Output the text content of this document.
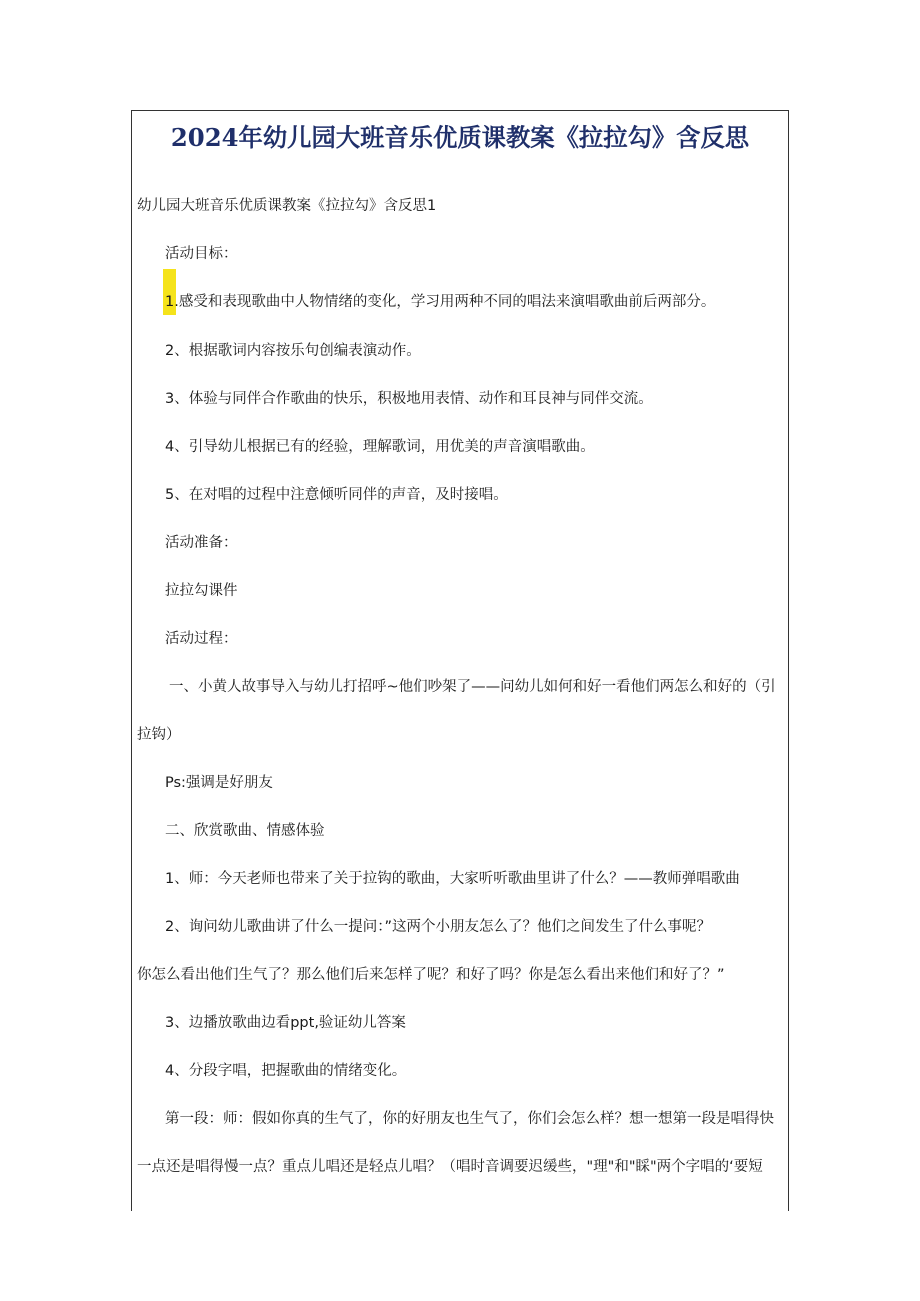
2024年幼儿园大班音乐优质课教案《拉拉勾》含反思
幼儿园大班音乐优质课教案《拉拉勾》含反思1
活动目标：
1.感受和表现歌曲中人物情绪的变化，学习用两种不同的唱法来演唱歌曲前后两部分。
2、根据歌词内容按乐句创编表演动作。
3、体验与同伴合作歌曲的快乐，积极地用表情、动作和耳艮神与同伴交流。
4、引导幼儿根据已有的经验，理解歌词，用优美的声音演唱歌曲。
5、在对唱的过程中注意倾听同伴的声音，及时接唱。
活动准备：
拉拉勾课件
活动过程：
一、小黄人故事导入与幼儿打招呼~他们吵架了——问幼儿如何和好一看他们两怎么和好的（引
拉钩）
Ps:强调是好朋友
二、欣赏歌曲、情感体验
1、师：今天老师也带来了关于拉钩的歌曲，大家听听歌曲里讲了什么？——教师弹唱歌曲
2、询问幼儿歌曲讲了什么一提问：”这两个小朋友怎么了？他们之间发生了什么事呢？
你怎么看出他们生气了？那么他们后来怎样了呢？和好了吗？你是怎么看出来他们和好了？”
3、边播放歌曲边看ppt,验证幼儿答案
4、分段字唱，把握歌曲的情绪变化。
第一段：师：假如你真的生气了，你的好朋友也生气了，你们会怎么样？想一想第一段是唱得快
一点还是唱得慢一点？重点儿唱还是轻点儿唱？（唱时音调要迟缓些，"理"和"睬"两个字唱的‘要短
